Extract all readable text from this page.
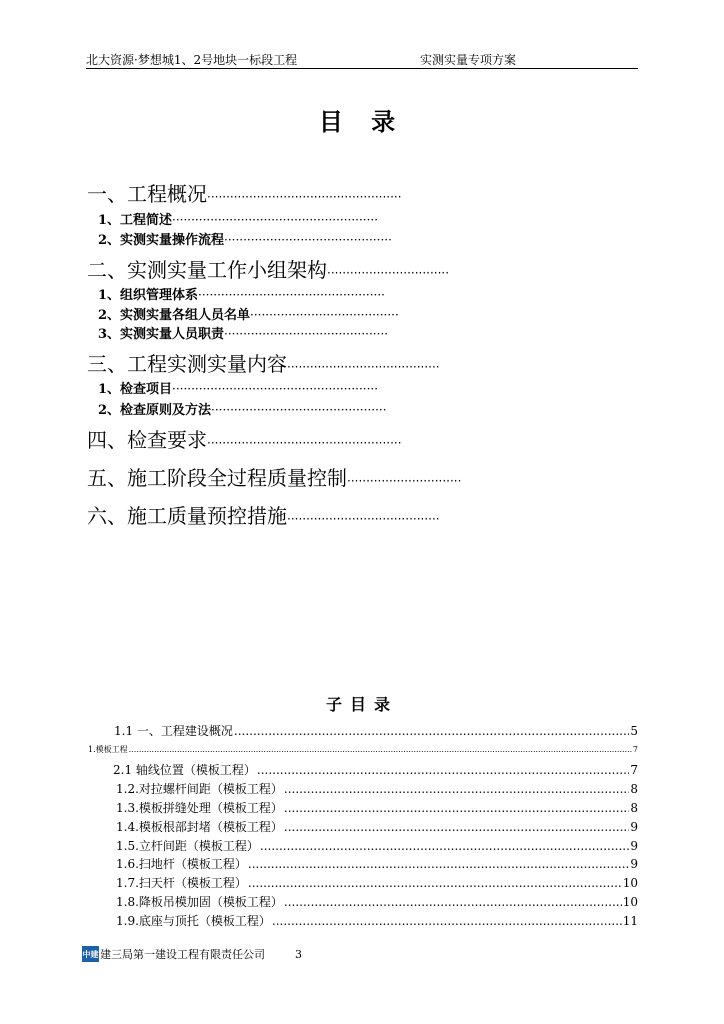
北大资源·梦想城1、2号地块一标段工程	实测实量专项方案
目 录
一、工程概况···················································
1、工程简述······················································
2、实测实量操作流程············································
二、实测实量工作小组架构································
1、组织管理体系·················································
2、实测实量各组人员名单·······································
3、实测实量人员职责···········································
三、工程实测实量内容········································
1、检查项目······················································
2、检查原则及方法··············································
四、检查要求···················································
五、施工阶段全过程质量控制······························
六、施工质量预控措施········································
子目录
1.1 一、工程建设概况 .....	5
1.模板工程 .....	7
2.1 轴线位置（模板工程） .....	7
1.2.对拉螺杆间距（模板工程） .....	8
1.3.模板拼缝处理（模板工程） .....	8
1.4.模板根部封堵（模板工程） .....	9
1.5.立杆间距（模板工程） .....	9
1.6.扫地杆（模板工程） .....	9
1.7.扫天杆（模板工程） .....	10
1.8.降板吊模加固（模板工程） .....	10
1.9.底座与顶托（模板工程） .....	11
中建 建三局第一建设工程有限责任公司	3
